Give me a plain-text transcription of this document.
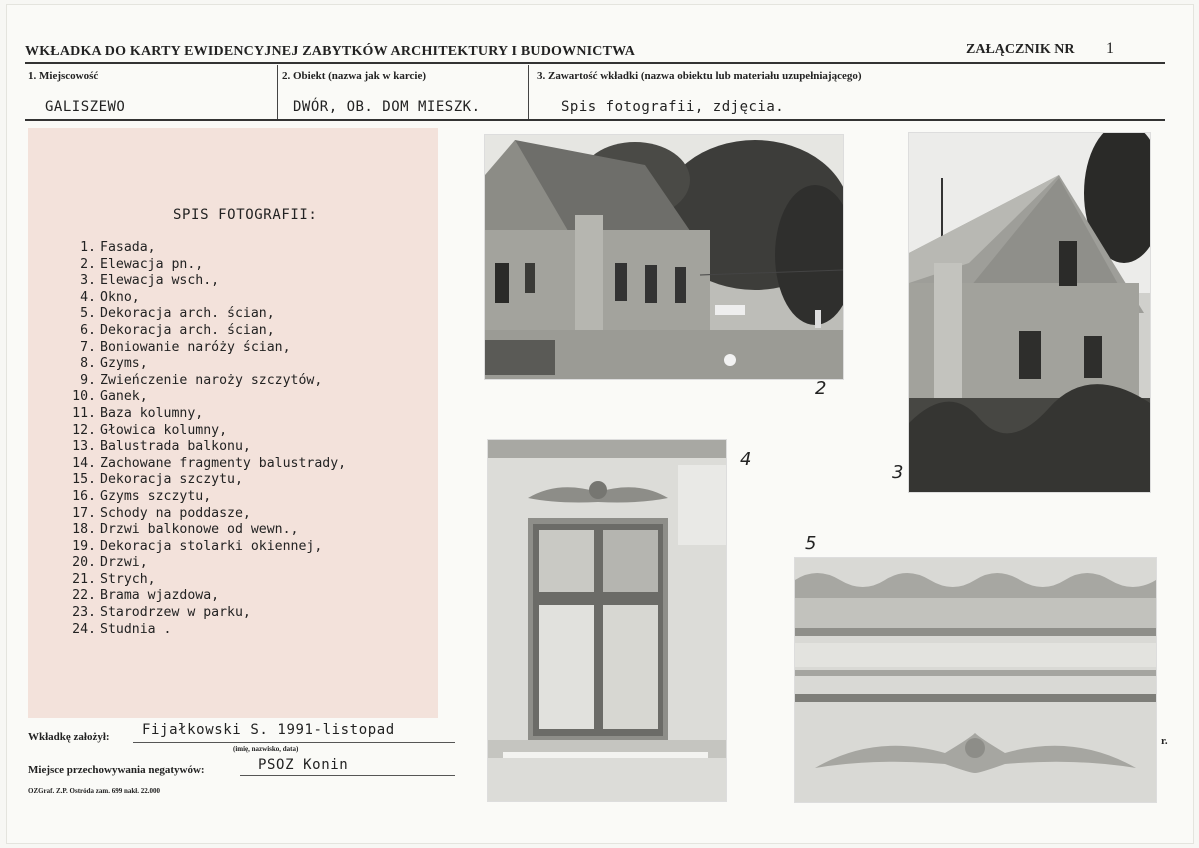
WKŁADKA DO KARTY EWIDENCYJNEJ ZABYTKÓW ARCHITEKTURY I BUDOWNICTWA	ZAŁĄCZNIK NR 1
1. Miejscowość
GALISZEWO
2. Obiekt (nazwa jak w karcie)
DWÓR, OB. DOM MIESZK.
3. Zawartość wkładki (nazwa obiektu lub materiału uzupełniającego)
Spis fotografii, zdjęcia.
SPIS FOTOGRAFII:
1. Fasada,
2. Elewacja pn.,
3. Elewacja wsch.,
4. Okno,
5. Dekoracja arch. ścian,
6. Dekoracja arch. ścian,
7. Boniowanie naróży ścian,
8. Gzyms,
9. Zwieńczenie naroży szczytów,
10. Ganek,
11. Baza kolumny,
12. Głowica kolumny,
13. Balustrada balkonu,
14. Zachowane fragmenty balustrady,
15. Dekoracja szczytu,
16. Gzyms szczytu,
17. Schody na poddasze,
18. Drzwi balkonowe od wewn.,
19. Dekoracja stolarki okiennej,
20. Drzwi,
21. Strych,
22. Brama wjazdowa,
23. Starodrzew w parku,
24. Studnia .
Wkładkę założył: Fijałkowski S. 1991-listopad
(imię, nazwisko, data)
Miejsce przechowywania negatywów:	PSOZ Konin
OZGraf. Z.P. Ostróda zam. 699 nakł. 22.000
2
3
4
5
r.
